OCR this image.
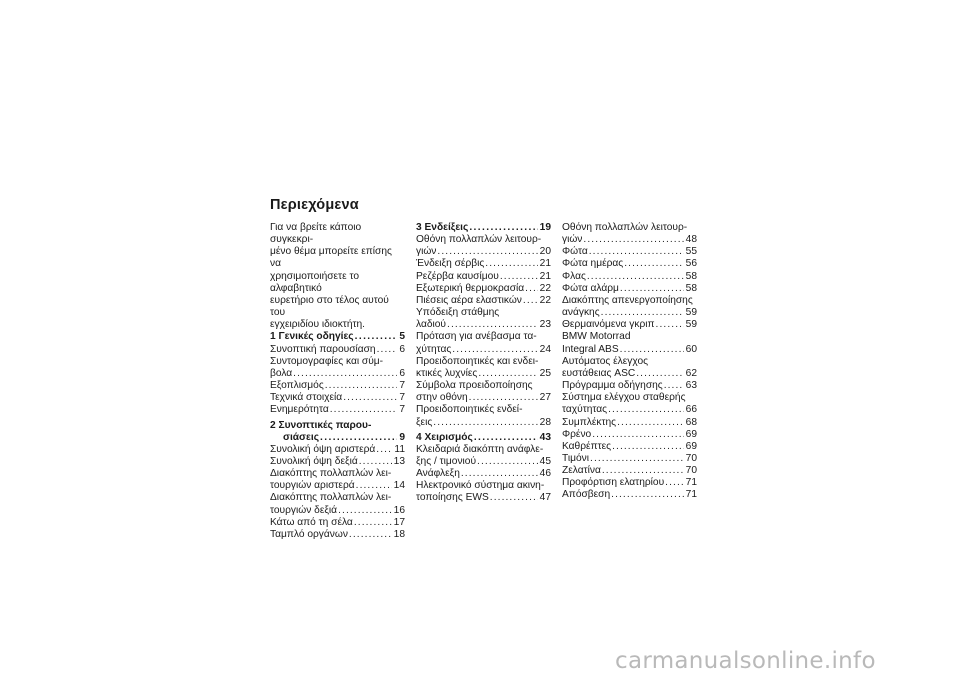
Περιεχόμενα

Για να βρείτε κάποιο συγκεκρι-
μένο θέμα μπορείτε επίσης να
χρησιμοποιήσετε το αλφαβητικό
ευρετήριο στο τέλος αυτού του
εγχειριδίου ιδιοκτήτη.

1 Γενικές οδηγίες .....	5
Συνοπτική παρουσίαση ..... 6
Συντομογραφίες και σύμ-
βολα .....	6
Εξοπλισμός .....	7
Τεχνικά στοιχεία .....	7
Ενημερότητα .....	7
2 Συνοπτικές παρου-
σιάσεις .....	9
Συνολική όψη αριστερά ..... 11
Συνολική όψη δεξιά .....	13
Διακόπτης πολλαπλών λει-
τουργιών αριστερά .....	14
Διακόπτης πολλαπλών λει-
τουργιών δεξιά .....	16
Κάτω από τη σέλα .....	17
Ταμπλό οργάνων .....	18
3 Ενδείξεις .....	19
Οθόνη πολλαπλών λειτουρ-
γιών .....	20
Ένδειξη σέρβις .....	21
Ρεζέρβα καυσίμου .....	21
Εξωτερική θερμοκρασία ..... 22
Πιέσεις αέρα ελαστικών ..... 22
Υπόδειξη στάθμης
λαδιού .....	23
Πρόταση για ανέβασμα τα-
χύτητας .....	24
Προειδοποιητικές και ενδει-
κτικές λυχνίες .....	25
Σύμβολα προειδοποίησης
στην οθόνη .....	27
Προειδοποιητικές ενδεί-
ξεις .....	28
4 Χειρισμός .....	43
Κλειδαριά διακόπτη ανάφλε-
ξης / τιμονιού .....	45
Ανάφλεξη .....	46
Ηλεκτρονικό σύστημα ακινη-
τοποίησης EWS .....	47
Οθόνη πολλαπλών λειτουρ-
γιών .....	48
Φώτα .....	55
Φώτα ημέρας .....	56
Φλας .....	58
Φώτα αλάρμ .....	58
Διακόπτης απενεργοποίησης
ανάγκης .....	59
Θερμαινόμενα γκριπ .....	59
BMW Motorrad
Integral ABS .....	60
Αυτόματος έλεγχος
ευστάθειας ASC .....	62
Πρόγραμμα οδήγησης ..... 63
Σύστημα ελέγχου σταθερής
ταχύτητας .....	66
Συμπλέκτης .....	68
Φρένο .....	69
Καθρέπτες .....	69
Τιμόνι .....	70
Ζελατίνα .....	70
Προφόρτιση ελατηρίου ..... 71
Απόσβεση .....	71
carmanualsonline.info
